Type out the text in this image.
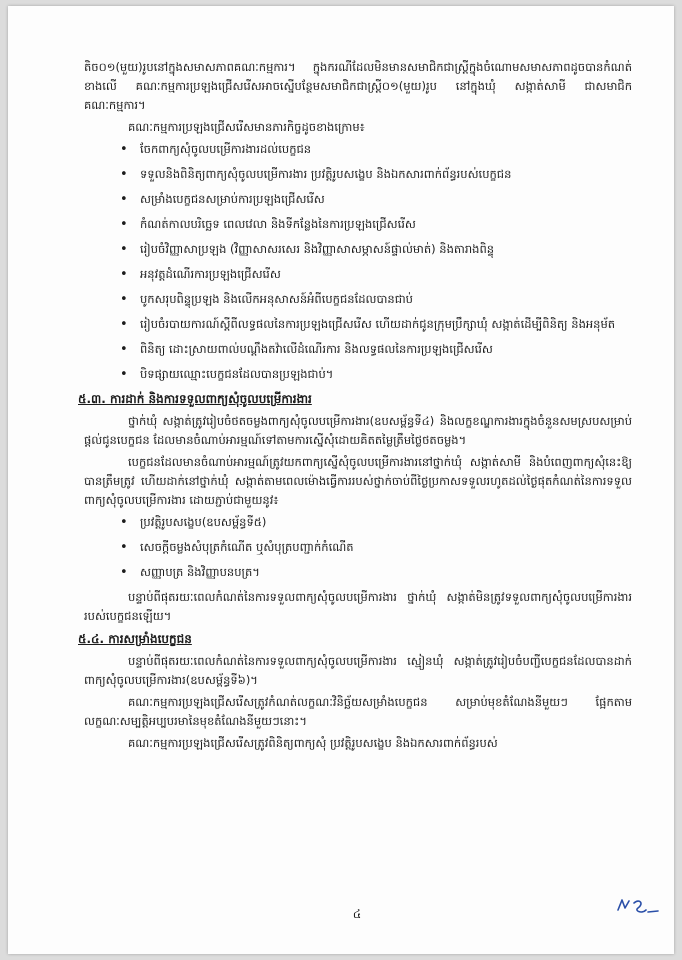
តិច០១(មួយ)រូបនៅក្នុងសមាសភាពគណៈកម្មការ។ ក្នុងករណីដែលមិនមានសមាជិកជាស្ត្រីក្នុងចំណោមសមាសភាពដូចបានកំណត់ខាងលើ គណៈកម្មការប្រឡងជ្រើសរើសអាចស្នើបន្ថែមសមាជិកជាស្ត្រី០១(មួយ)រូប នៅក្នុងឃុំ សង្កាត់សាមី ជាសមាជិកគណៈកម្មការ។

គណៈកម្មការប្រឡងជ្រើសរើសមានភារកិច្ចដូចខាងក្រោម៖

• ចែកពាក្យសុំចូលបម្រើការងារដល់បេក្ខជន
• ទទួលនិងពិនិត្យពាក្យសុំចូលបម្រើការងារ ប្រវត្តិរូបសង្ខេប និងឯកសារពាក់ព័ន្ធរបស់បេក្ខជន
• សម្រាំងបេក្ខជនសម្រាប់ការប្រឡងជ្រើសរើស
• កំណត់កាលបរិច្ឆេទ ពេលវេលា និងទីកន្លែងនៃការប្រឡងជ្រើសរើស
• រៀបចំវិញ្ញាសាប្រឡង (វិញ្ញាសាសរសេរ និងវិញ្ញាសាសម្ភាសន៍ផ្ទាល់មាត់) និងតារាងពិន្ទុ
• អនុវត្តដំណើរការប្រឡងជ្រើសរើស
• បូកសរុបពិន្ទុប្រឡង និងលើកអនុសាសន៍អំពីបេក្ខជនដែលបានជាប់
• រៀបចំរបាយការណ៍ស្តីពីលទ្ធផលនៃការប្រឡងជ្រើសរើស ហើយដាក់ជូនក្រុមប្រឹក្សាឃុំ សង្កាត់ដើម្បីពិនិត្យ និងអនុម័ត
• ពិនិត្យ ដោះស្រាយពាល់បណ្តឹងតវ៉ាលើដំណើរការ និងលទ្ធផលនៃការប្រឡងជ្រើសរើស
• បិទផ្សាយឈ្មោះបេក្ខជនដែលបានប្រឡងជាប់។
៥.៣. ការដាក់ និងការទទួលពាក្យសុំចូលបម្រើការងារ

ថ្នាក់ឃុំ សង្កាត់ត្រូវរៀបចំថតចម្លងពាក្យសុំចូលបម្រើការងារ(ឧបសម្ព័ន្ធទី៤) និងលក្ខខណ្ឌការងារក្នុងចំនួនសមស្របសម្រាប់ផ្តល់ជូនបេក្ខជន ដែលមានចំណាប់អារម្មណ៍ទៅតាមការស្នើសុំដោយគិតតម្លៃត្រឹមថ្លៃថតចម្លង។

បេក្ខជនដែលមានចំណាប់អារម្មណ៍ត្រូវយកពាក្យស្នើសុំចូលបម្រើការងារនៅថ្នាក់ឃុំ សង្កាត់សាមី និងបំពេញពាក្យសុំនេះឱ្យបានត្រឹមត្រូវ ហើយដាក់នៅថ្នាក់ឃុំ សង្កាត់តាមពេលម៉ោងធ្វើការរបស់ថ្នាក់ចាប់ពីថ្ងៃប្រកាសទទួលរហូតដល់ថ្ងៃផុតកំណត់នៃការទទួលពាក្យសុំចូលបម្រើការងារ ដោយភ្ជាប់ជាមួយនូវ៖

• ប្រវត្តិរូបសង្ខេប(ឧបសម្ព័ន្ធទី៥)
• សេចក្តីចម្លងសំបុត្រកំណើត ឬសំបុត្របញ្ជាក់កំណើត
• សញ្ញាបត្រ និងវិញ្ញាបនបត្រ។

បន្ទាប់ពីផុតរយៈពេលកំណត់នៃការទទួលពាក្យសុំចូលបម្រើការងារ ថ្នាក់ឃុំ សង្កាត់មិនត្រូវទទួលពាក្យសុំចូលបម្រើការងាររបស់បេក្ខជនឡើយ។

៥.៤. ការសម្រាំងបេក្ខជន

បន្ទាប់ពីផុតរយៈពេលកំណត់នៃការទទួលពាក្យសុំចូលបម្រើការងារ ស្មៀនឃុំ សង្កាត់ត្រូវរៀបចំបញ្ជីបេក្ខជនដែលបានដាក់ពាក្យសុំចូលបម្រើការងារ(ឧបសម្ព័ន្ធទី៦)។

គណៈកម្មការប្រឡងជ្រើសរើសត្រូវកំណត់លក្ខណៈវិនិច្ឆ័យសម្រាំងបេក្ខជន សម្រាប់មុខតំណែងនីមួយៗ ផ្អែកតាមលក្ខណៈសម្បត្តិអប្បបរមានៃមុខតំណែងនីមួយៗនោះ។

គណៈកម្មការប្រឡងជ្រើសរើសត្រូវពិនិត្យពាក្យសុំ ប្រវត្តិរូបសង្ខេប និងឯកសារពាក់ព័ន្ធរបស់

៤
